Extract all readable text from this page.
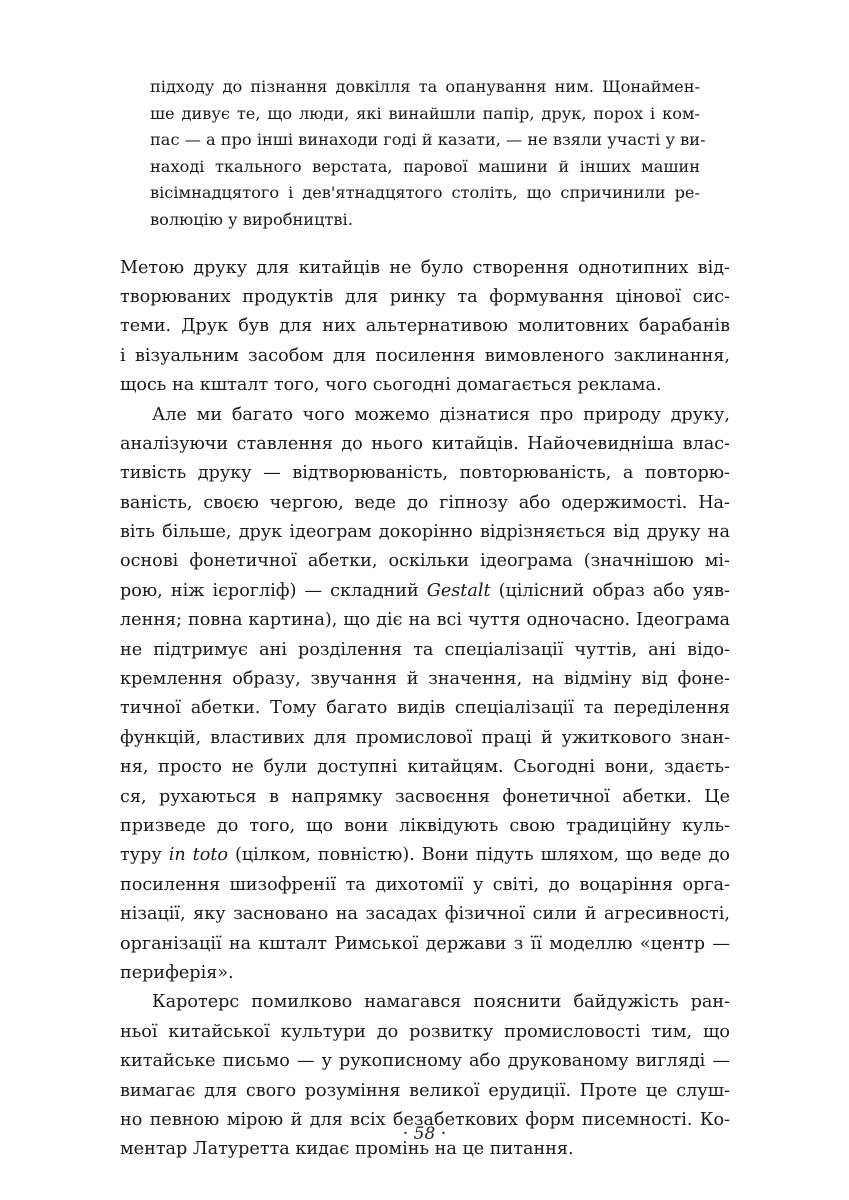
підходу до пізнання довкілля та опанування ним. Щонаймен-
ше дивує те, що люди, які винайшли папір, друк, порох і ком-
пас — а про інші винаходи годі й казати, — не взяли участі у ви-
наході ткального верстата, парової машини й інших машин
вісімнадцятого і дев'ятнадцятого століть, що спричинили ре-
волюцію у виробництві.
Метою друку для китайців не було створення однотипних від-
творюваних продуктів для ринку та формування цінової сис-
теми. Друк був для них альтернативою молитовних барабанів
і візуальним засобом для посилення вимовленого заклинання,
щось на кшталт того, чого сьогодні домагається реклама.
Але ми багато чого можемо дізнатися про природу друку,
аналізуючи ставлення до нього китайців. Найочевидніша влас-
тивість друку — відтворюваність, повторюваність, а повторю-
ваність, своєю чергою, веде до гіпнозу або одержимості. На-
віть більше, друк ідеограм докорінно відрізняється від друку на
основі фонетичної абетки, оскільки ідеограма (значнішою мі-
рою, ніж ієрогліф) — складний Gestalt (цілісний образ або уяв-
лення; повна картина), що діє на всі чуття одночасно. Ідеограма
не підтримує ані розділення та спеціалізації чуттів, ані відо-
кремлення образу, звучання й значення, на відміну від фоне-
тичної абетки. Тому багато видів спеціалізації та переділення
функцій, властивих для промислової праці й ужиткового знан-
ня, просто не були доступні китайцям. Сьогодні вони, здаєть-
ся, рухаються в напрямку засвоєння фонетичної абетки. Це
призведе до того, що вони ліквідують свою традиційну куль-
туру in toto (цілком, повністю). Вони підуть шляхом, що веде до
посилення шизофренії та дихотомії у світі, до воцаріння орга-
нізації, яку засновано на засадах фізичної сили й агресивності,
організації на кшталт Римської держави з її моделлю «центр —
периферія».
Каротерс помилково намагався пояснити байдужість ран-
ньої китайської культури до розвитку промисловості тим, що
китайське письмо — у рукописному або друкованому вигляді —
вимагає для свого розуміння великої ерудиції. Проте це слуш-
но певною мірою й для всіх безабеткових форм писемності. Ко-
ментар Латуретта кидає промінь на це питання.
· 58 ·
